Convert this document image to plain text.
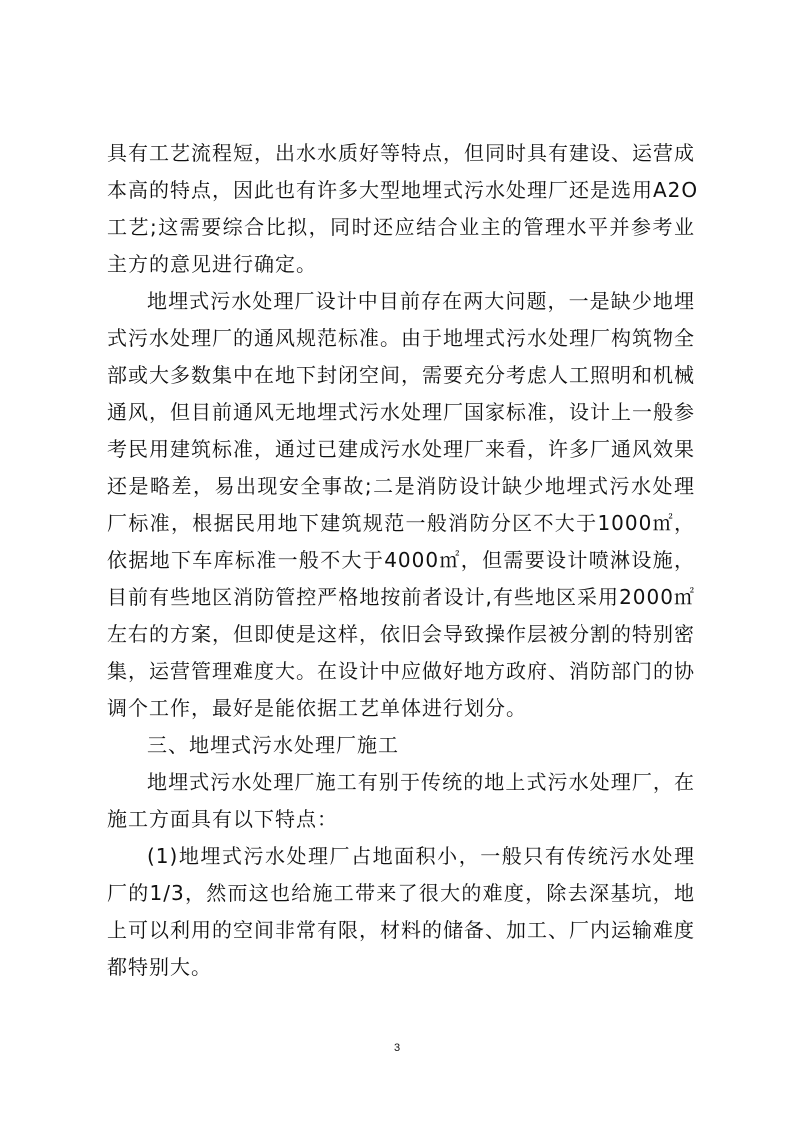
具有工艺流程短，出水水质好等特点，但同时具有建设、运营成
本高的特点，因此也有许多大型地埋式污水处理厂还是选用A2O
工艺;这需要综合比拟，同时还应结合业主的管理水平并参考业
主方的意见进行确定。
地埋式污水处理厂设计中目前存在两大问题，一是缺少地埋
式污水处理厂的通风规范标准。由于地埋式污水处理厂构筑物全
部或大多数集中在地下封闭空间，需要充分考虑人工照明和机械
通风，但目前通风无地埋式污水处理厂国家标准，设计上一般参
考民用建筑标准，通过已建成污水处理厂来看，许多厂通风效果
还是略差，易出现安全事故;二是消防设计缺少地埋式污水处理
厂标准，根据民用地下建筑规范一般消防分区不大于1000㎡，
依据地下车库标准一般不大于4000㎡，但需要设计喷淋设施，
目前有些地区消防管控严格地按前者设计,有些地区采用2000㎡
左右的方案，但即使是这样，依旧会导致操作层被分割的特别密
集，运营管理难度大。在设计中应做好地方政府、消防部门的协
调个工作，最好是能依据工艺单体进行划分。
三、地埋式污水处理厂施工
地埋式污水处理厂施工有别于传统的地上式污水处理厂，在
施工方面具有以下特点：
(1)地埋式污水处理厂占地面积小，一般只有传统污水处理
厂的1/3，然而这也给施工带来了很大的难度，除去深基坑，地
上可以利用的空间非常有限，材料的储备、加工、厂内运输难度
都特别大。
3
